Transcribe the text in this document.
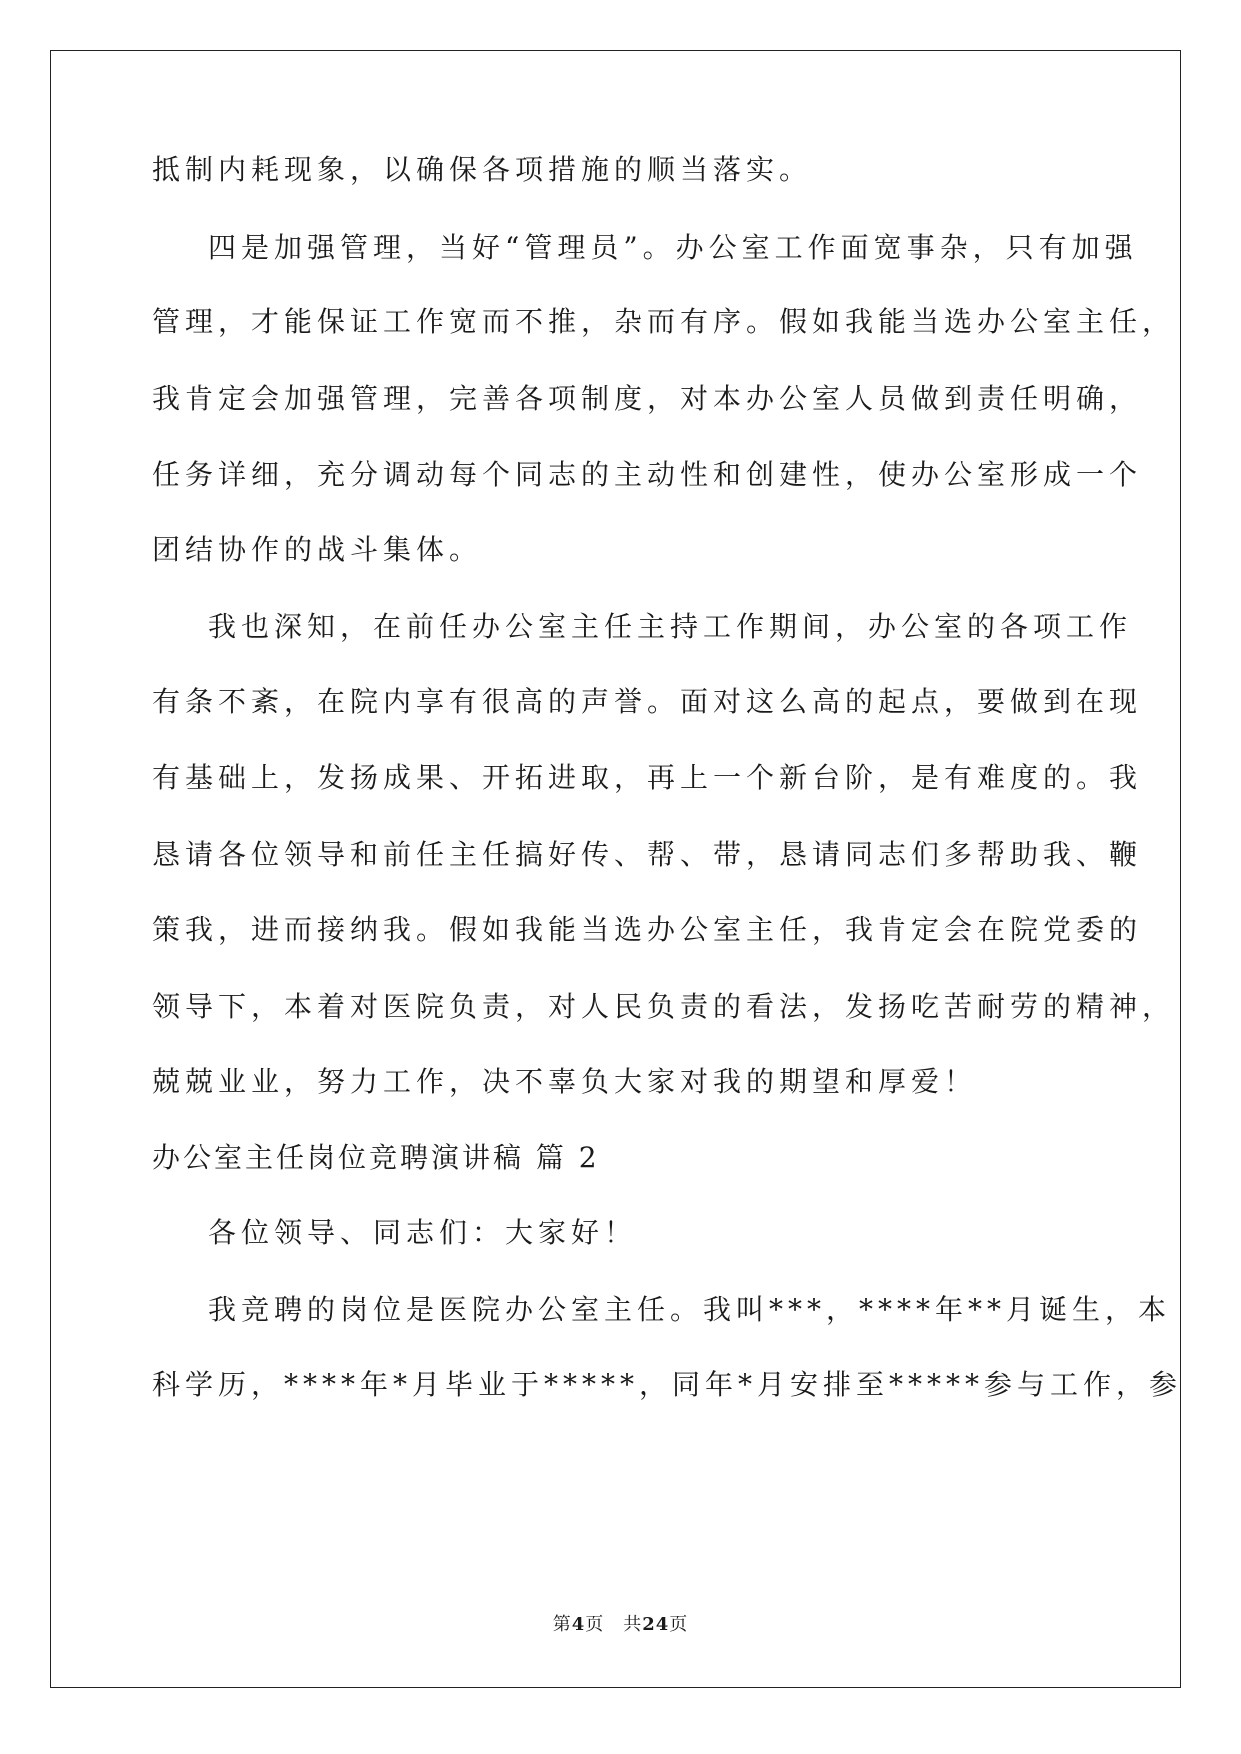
抵制内耗现象，以确保各项措施的顺当落实。
四是加强管理，当好“管理员”。办公室工作面宽事杂，只有加强
管理，才能保证工作宽而不推，杂而有序。假如我能当选办公室主任，
我肯定会加强管理，完善各项制度，对本办公室人员做到责任明确，
任务详细，充分调动每个同志的主动性和创建性，使办公室形成一个
团结协作的战斗集体。
我也深知，在前任办公室主任主持工作期间，办公室的各项工作
有条不紊，在院内享有很高的声誉。面对这么高的起点，要做到在现
有基础上，发扬成果、开拓进取，再上一个新台阶，是有难度的。我
恳请各位领导和前任主任搞好传、帮、带，恳请同志们多帮助我、鞭
策我，进而接纳我。假如我能当选办公室主任，我肯定会在院党委的
领导下，本着对医院负责，对人民负责的看法，发扬吃苦耐劳的精神，
兢兢业业，努力工作，决不辜负大家对我的期望和厚爱！
办公室主任岗位竞聘演讲稿 篇 2
各位领导、同志们：大家好！
我竞聘的岗位是医院办公室主任。我叫***，****年**月诞生，本
科学历，****年*月毕业于*****，同年*月安排至*****参与工作，参
第4页　共24页
